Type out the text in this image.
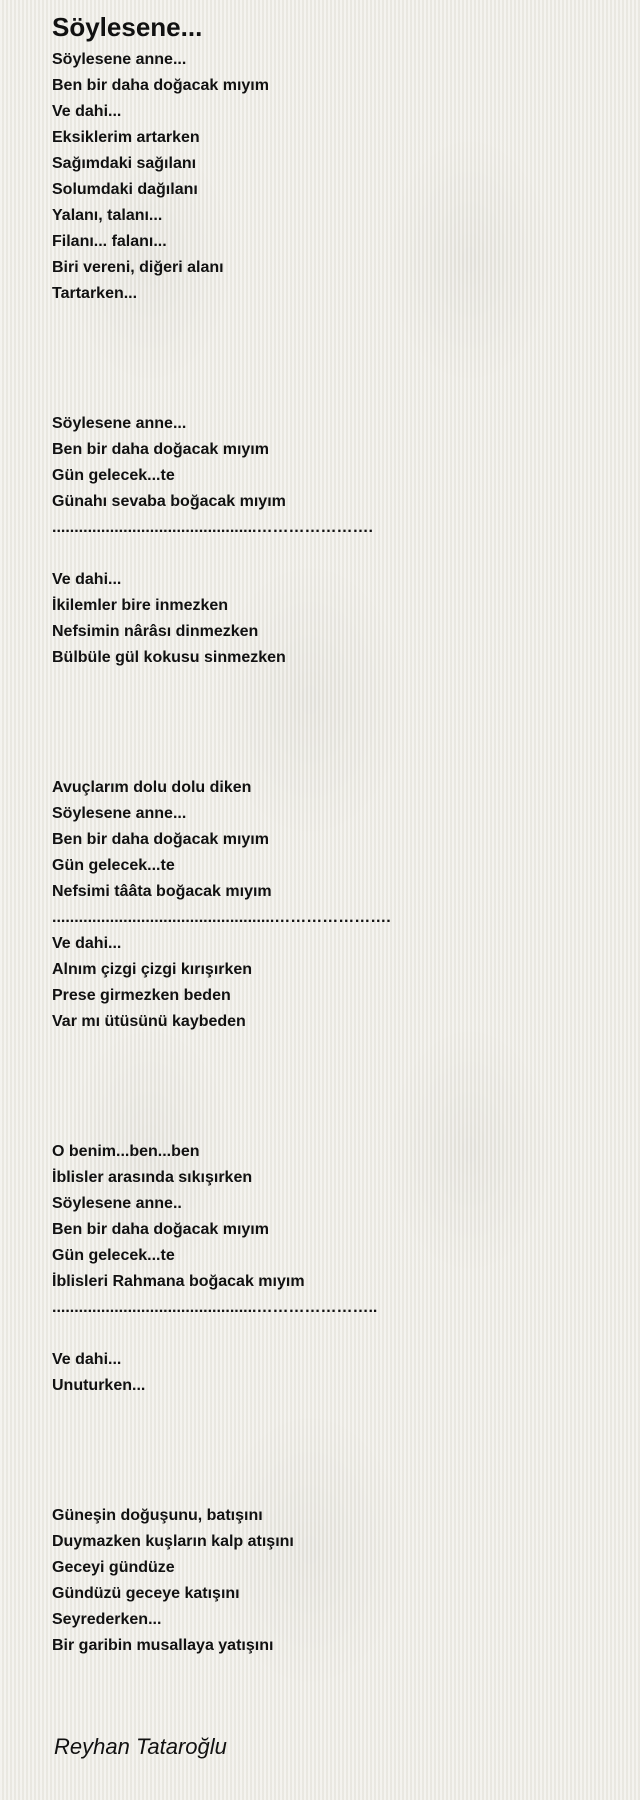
Söylesene...
Söylesene anne...
Ben bir daha doğacak mıyım
Ve dahi...
Eksiklerim artarken
Sağımdaki sağılanı
Solumdaki dağılanı
Yalanı, talanı...
Filanı... falanı...
Biri vereni, diğeri alanı
Tartarken...
Söylesene anne...
Ben bir daha doğacak mıyım
Gün gelecek...te
Günahı sevaba boğacak mıyım
..............................................………………….
Ve dahi...
İkilemler bire inmezken
Nefsimin nârâsı dinmezken
Bülbüle gül kokusu sinmezken
Avuçlarım dolu dolu diken
Söylesene anne...
Ben bir daha doğacak mıyım
Gün gelecek...te
Nefsimi tââta boğacak mıyım
..................................................………………….
Ve dahi...
Alnım çizgi çizgi kırışırken
Prese girmezken beden
Var mı ütüsünü kaybeden
O benim...ben...ben
İblisler arasında sıkışırken
Söylesene anne..
Ben bir daha doğacak mıyım
Gün gelecek...te
İblisleri Rahmana boğacak mıyım
..............................................…………………..
Ve dahi...
Unuturken...
Güneşin doğuşunu, batışını
Duymazken kuşların kalp atışını
Geceyi gündüze
Gündüzü geceye katışını
Seyrederken...
Bir garibin musallaya yatışını
Reyhan Tataroğlu
